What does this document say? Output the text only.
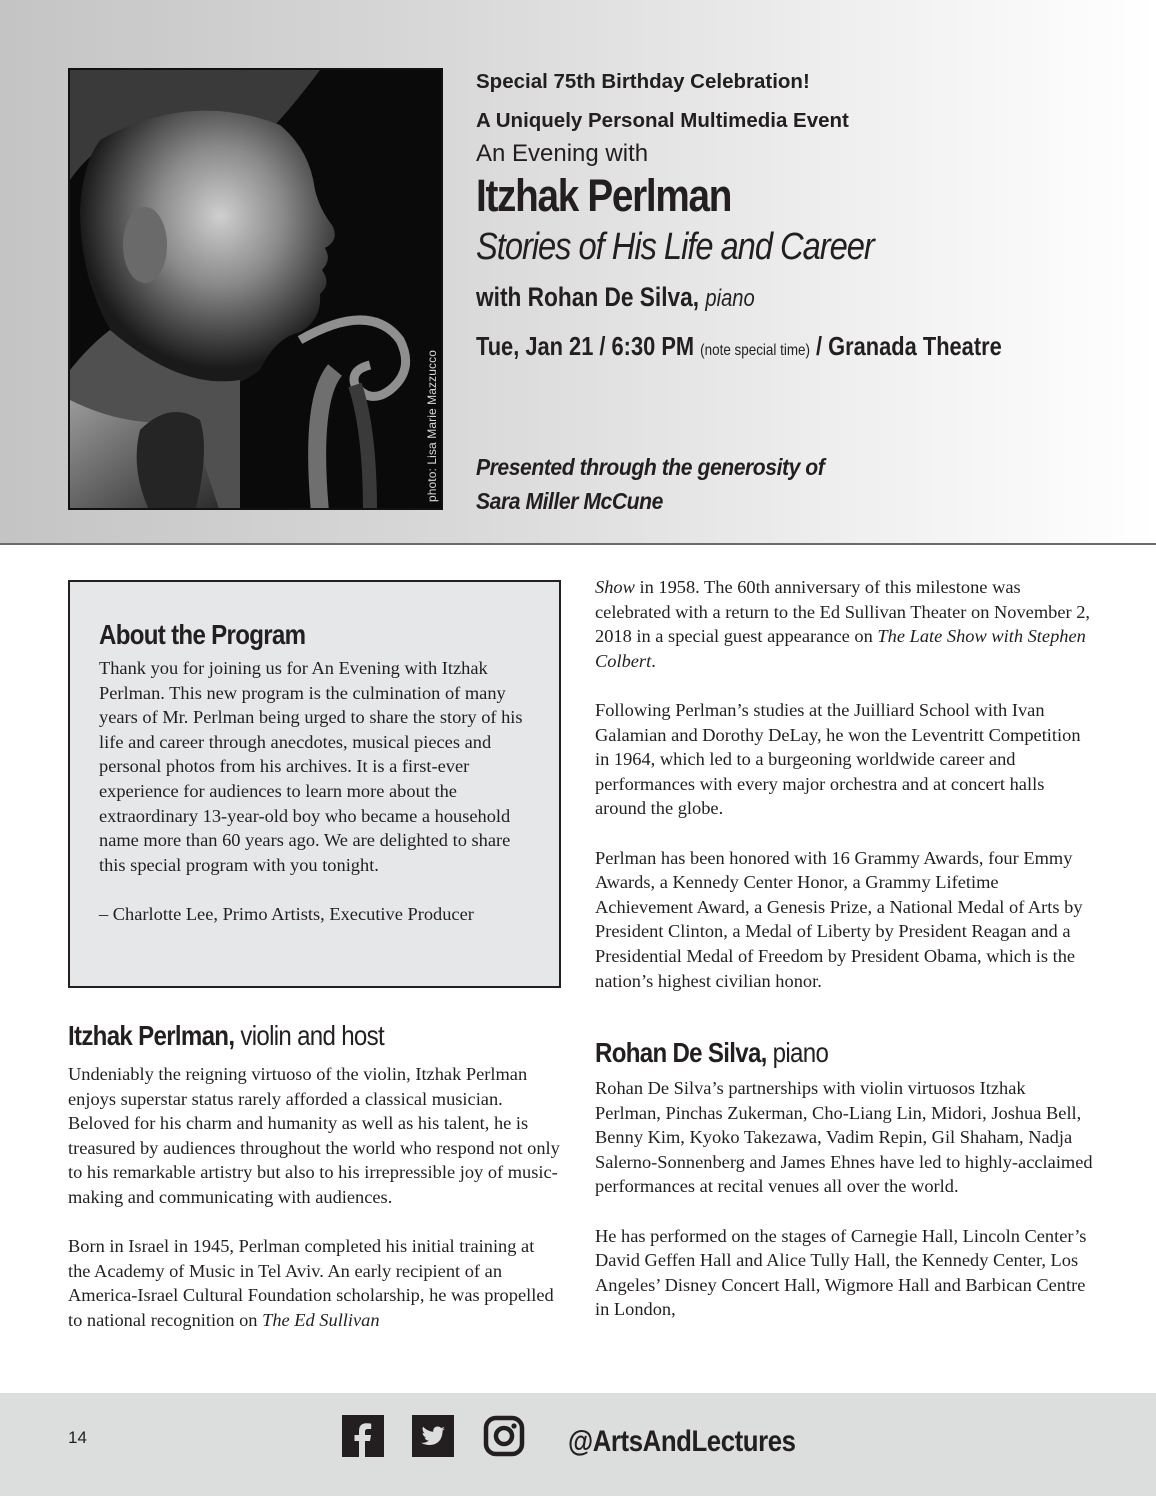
photo: Lisa Marie Mazzucco
Special 75th Birthday Celebration!
A Uniquely Personal Multimedia Event
An Evening with
Itzhak Perlman
Stories of His Life and Career
with Rohan De Silva, piano
Tue, Jan 21 / 6:30 PM (note special time) / Granada Theatre
Presented through the generosity of
Sara Miller McCune
About the Program

Thank you for joining us for An Evening with Itzhak Perlman. This new program is the culmination of many years of Mr. Perlman being urged to share the story of his life and career through anecdotes, musical pieces and personal photos from his archives. It is a first-ever experience for audiences to learn more about the extraordinary 13-year-old boy who became a household name more than 60 years ago. We are delighted to share this special program with you tonight.

– Charlotte Lee, Primo Artists, Executive Producer

Itzhak Perlman, violin and host

Undeniably the reigning virtuoso of the violin, Itzhak Perlman enjoys superstar status rarely afforded a classical musician. Beloved for his charm and humanity as well as his talent, he is treasured by audiences throughout the world who respond not only to his remarkable artistry but also to his irrepressible joy of music-making and communicating with audiences.

Born in Israel in 1945, Perlman completed his initial training at the Academy of Music in Tel Aviv. An early recipient of an America-Israel Cultural Foundation scholarship, he was propelled to national recognition on The Ed Sullivan

Show in 1958. The 60th anniversary of this milestone was celebrated with a return to the Ed Sullivan Theater on November 2, 2018 in a special guest appearance on The Late Show with Stephen Colbert.

Following Perlman’s studies at the Juilliard School with Ivan Galamian and Dorothy DeLay, he won the Leventritt Competition in 1964, which led to a burgeoning worldwide career and performances with every major orchestra and at concert halls around the globe.

Perlman has been honored with 16 Grammy Awards, four Emmy Awards, a Kennedy Center Honor, a Grammy Lifetime Achievement Award, a Genesis Prize, a National Medal of Arts by President Clinton, a Medal of Liberty by President Reagan and a Presidential Medal of Freedom by President Obama, which is the nation’s highest civilian honor.

Rohan De Silva, piano

Rohan De Silva’s partnerships with violin virtuosos Itzhak Perlman, Pinchas Zukerman, Cho-Liang Lin, Midori, Joshua Bell, Benny Kim, Kyoko Takezawa, Vadim Repin, Gil Shaham, Nadja Salerno-Sonnenberg and James Ehnes have led to highly-acclaimed performances at recital venues all over the world.

He has performed on the stages of Carnegie Hall, Lincoln Center’s David Geffen Hall and Alice Tully Hall, the Kennedy Center, Los Angeles’ Disney Concert Hall, Wigmore Hall and Barbican Centre in London,

14	@ArtsAndLectures
